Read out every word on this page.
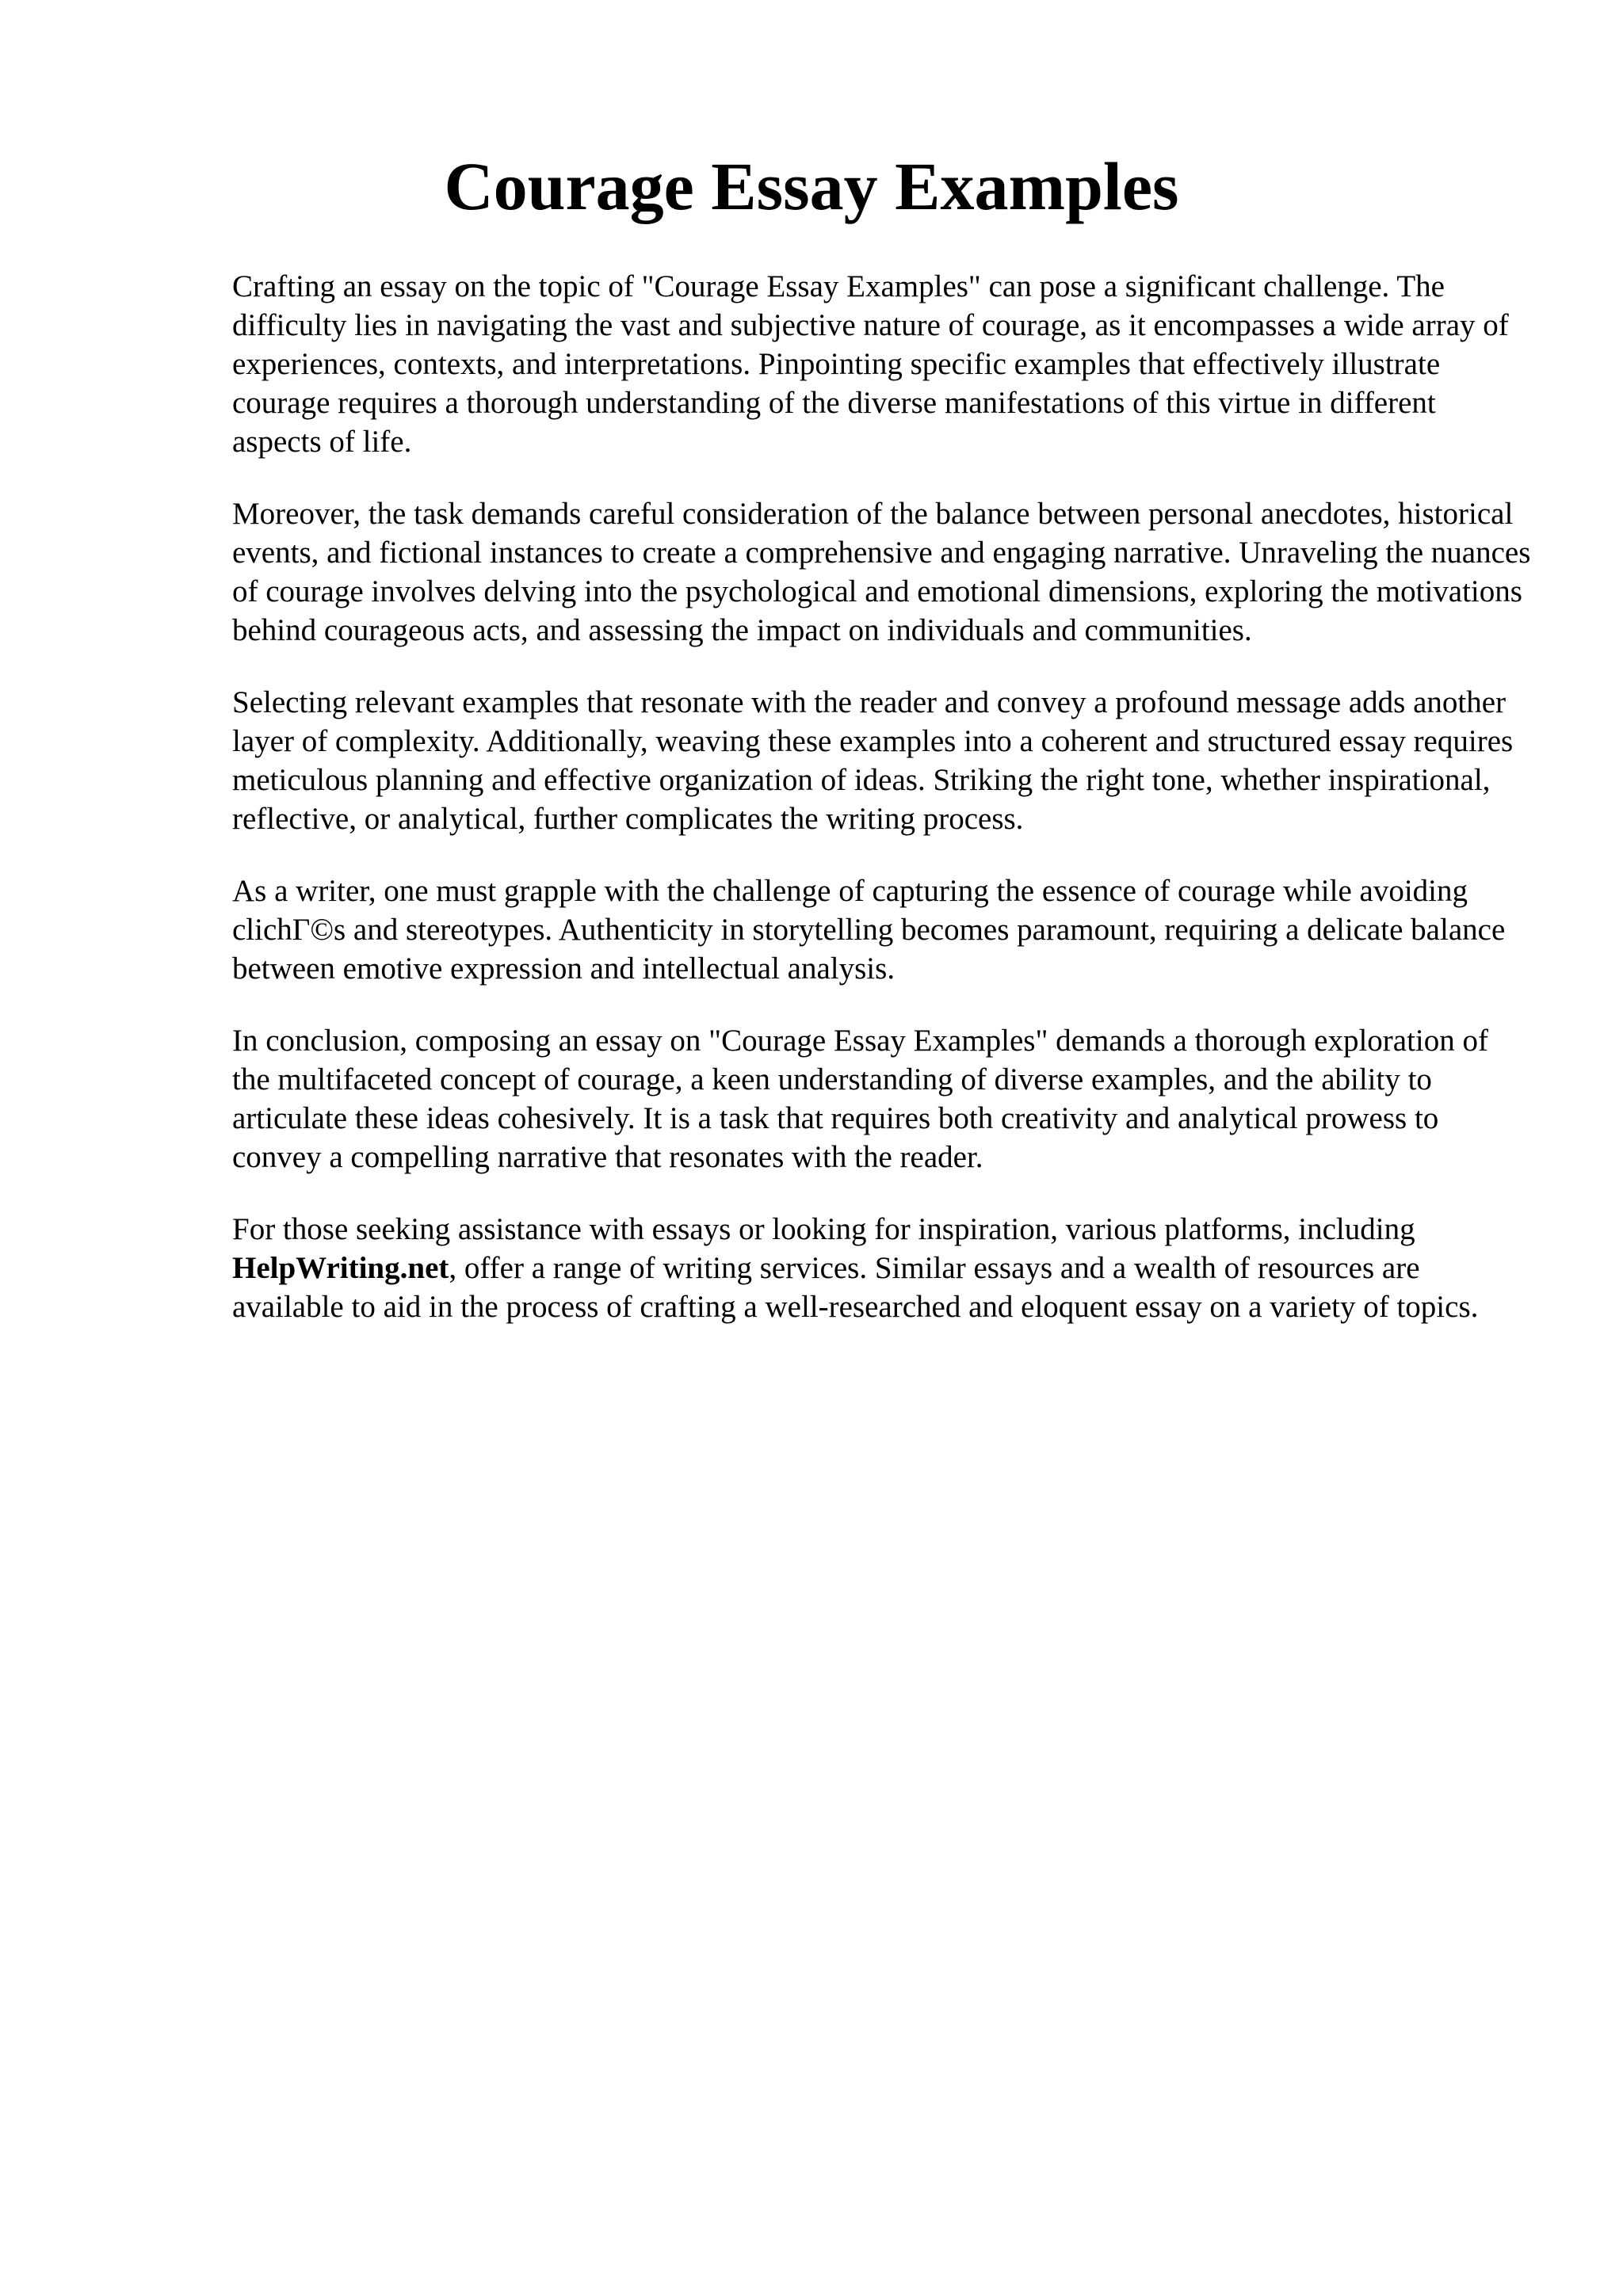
Courage Essay Examples

Crafting an essay on the topic of "Courage Essay Examples" can pose a significant challenge. The difficulty lies in navigating the vast and subjective nature of courage, as it encompasses a wide array of experiences, contexts, and interpretations. Pinpointing specific examples that effectively illustrate courage requires a thorough understanding of the diverse manifestations of this virtue in different aspects of life.

Moreover, the task demands careful consideration of the balance between personal anecdotes, historical events, and fictional instances to create a comprehensive and engaging narrative. Unraveling the nuances of courage involves delving into the psychological and emotional dimensions, exploring the motivations behind courageous acts, and assessing the impact on individuals and communities.

Selecting relevant examples that resonate with the reader and convey a profound message adds another layer of complexity. Additionally, weaving these examples into a coherent and structured essay requires meticulous planning and effective organization of ideas. Striking the right tone, whether inspirational, reflective, or analytical, further complicates the writing process.

As a writer, one must grapple with the challenge of capturing the essence of courage while avoiding clichΓ©s and stereotypes. Authenticity in storytelling becomes paramount, requiring a delicate balance between emotive expression and intellectual analysis.

In conclusion, composing an essay on "Courage Essay Examples" demands a thorough exploration of the multifaceted concept of courage, a keen understanding of diverse examples, and the ability to articulate these ideas cohesively. It is a task that requires both creativity and analytical prowess to convey a compelling narrative that resonates with the reader.

For those seeking assistance with essays or looking for inspiration, various platforms, including HelpWriting.net, offer a range of writing services. Similar essays and a wealth of resources are available to aid in the process of crafting a well-researched and eloquent essay on a variety of topics.
